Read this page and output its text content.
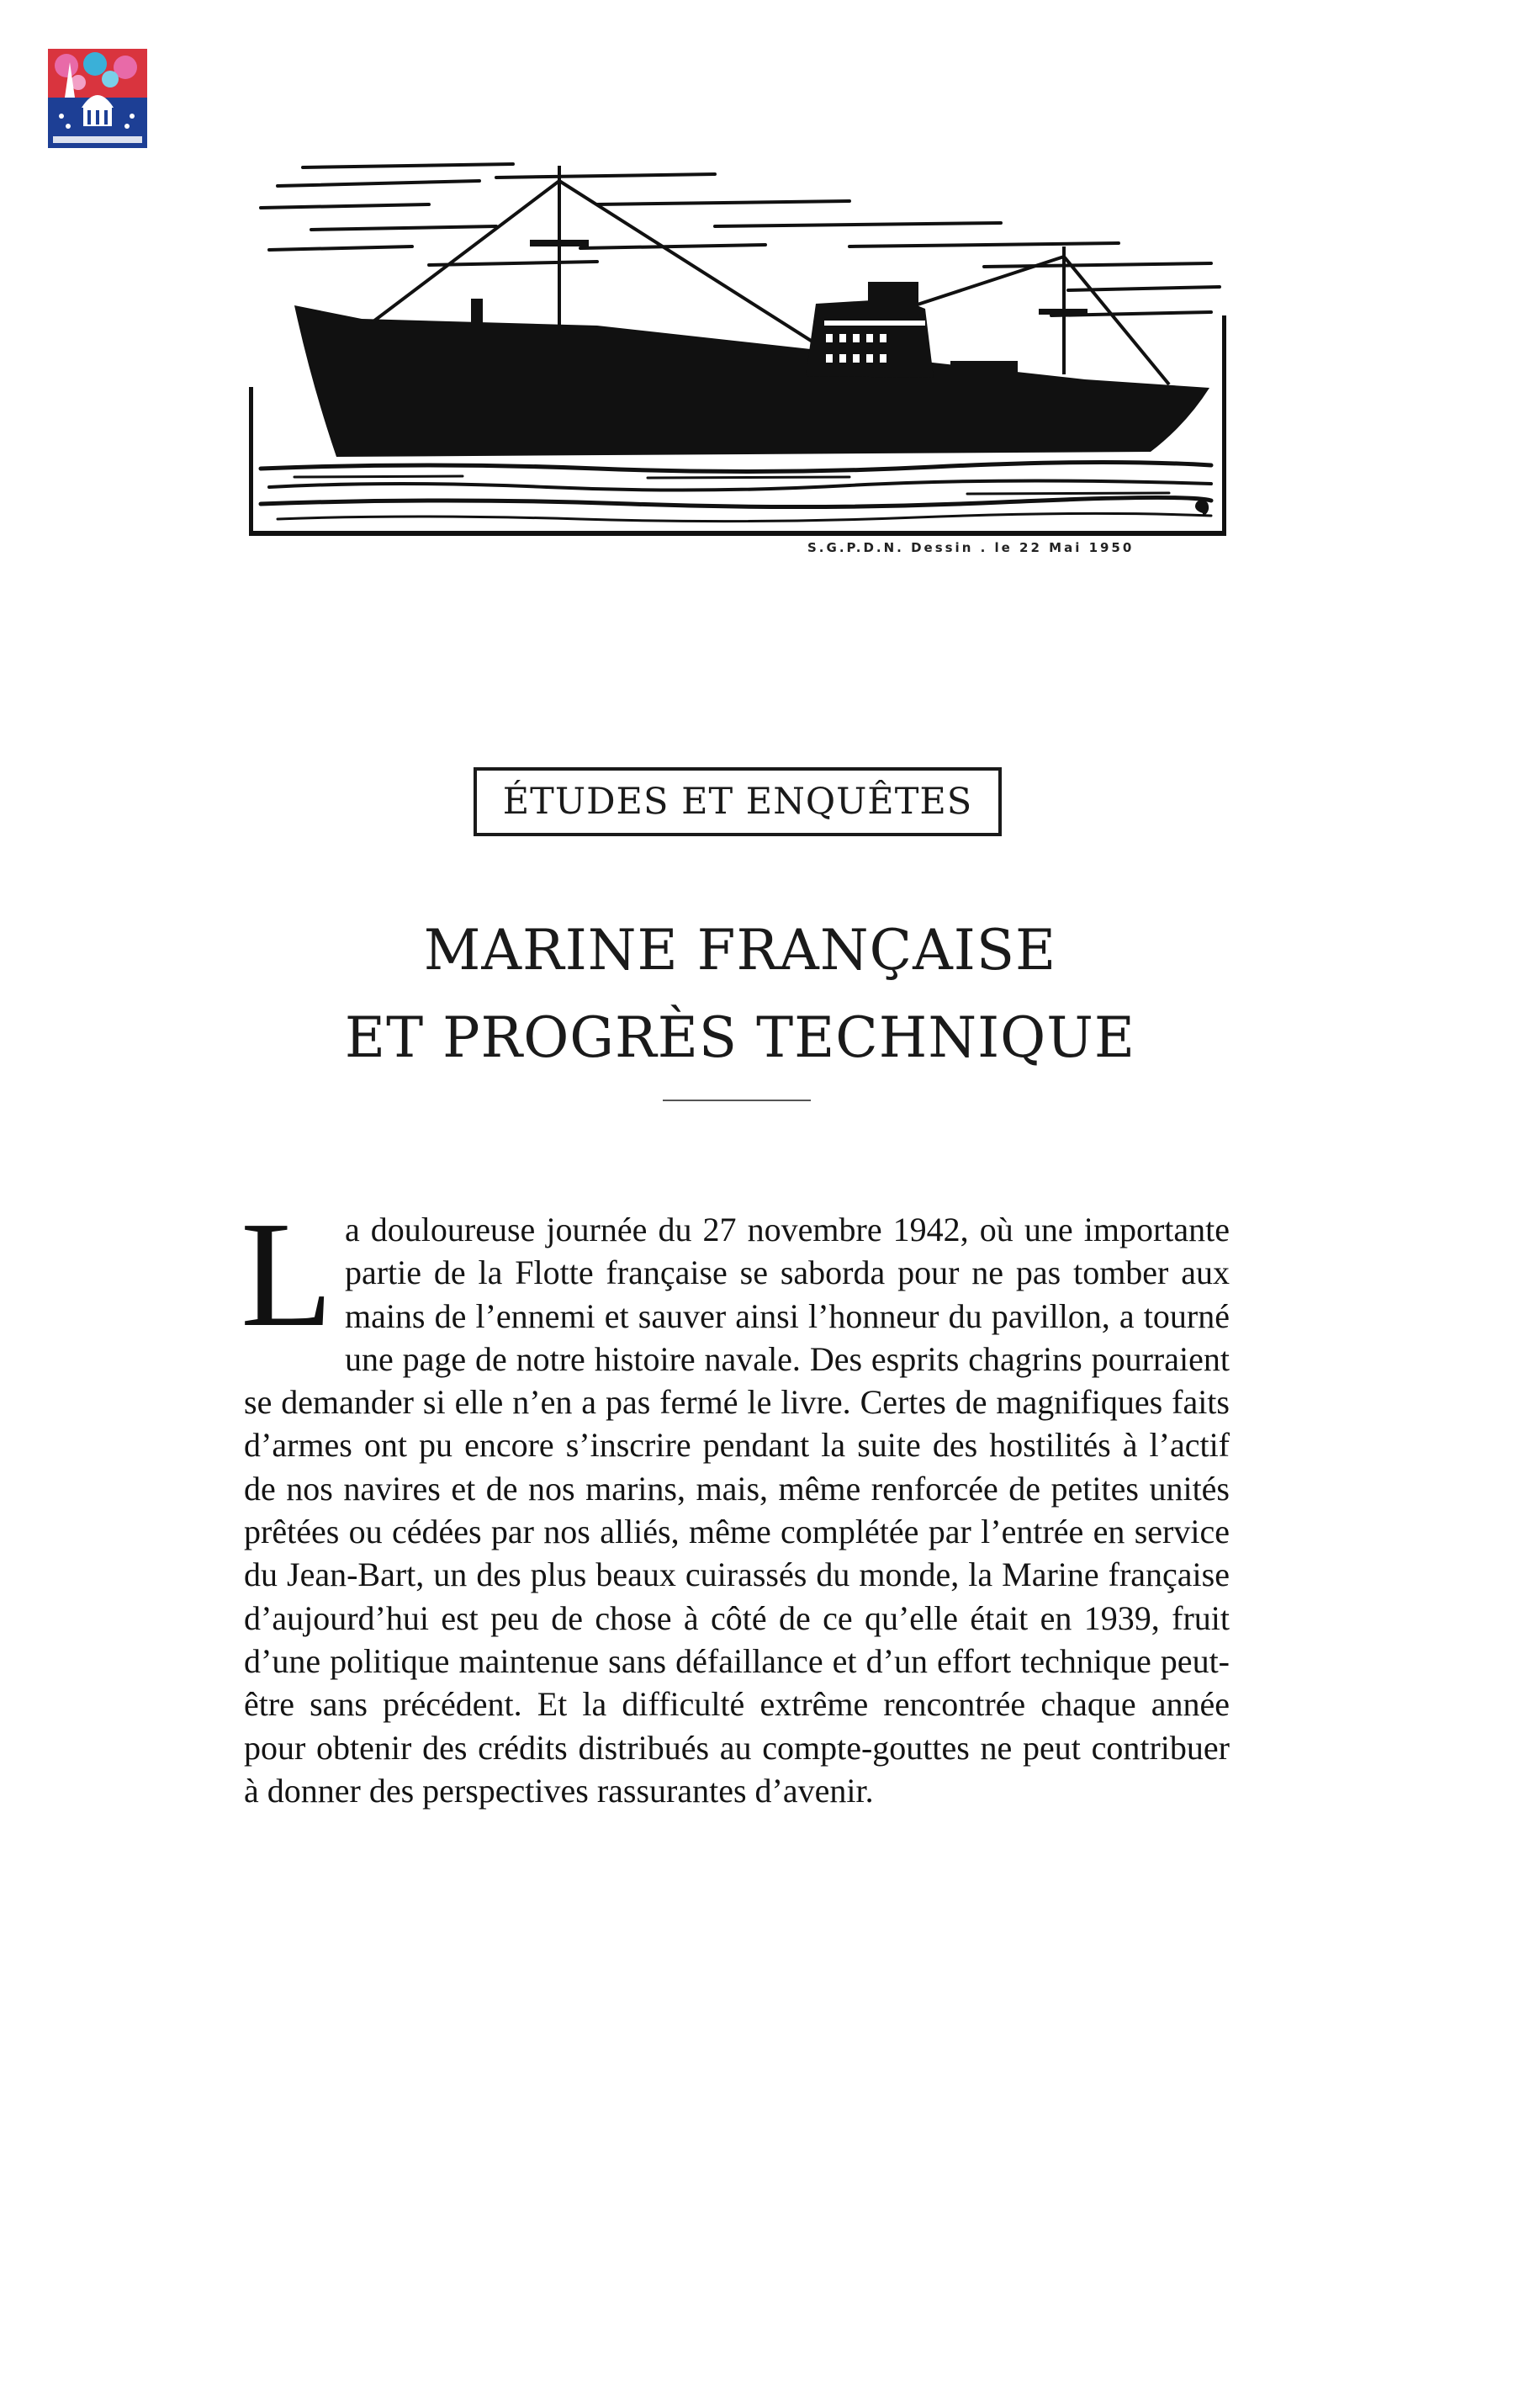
S.G.P.D.N. Dessin . le 22 Mai 1950
ÉTUDES ET ENQUÊTES
MARINE FRANÇAISE
ET PROGRÈS TECHNIQUE
L a douloureuse journée du 27 novembre 1942, où une importante partie de la Flotte française se saborda pour ne pas tomber aux mains de l’ennemi et sauver ainsi l’honneur du pavillon, a tourné une page de notre histoire navale. Des esprits chagrins pourraient se demander si elle n’en a pas fermé le livre. Certes de magnifiques faits d’armes ont pu encore s’inscrire pendant la suite des hostilités à l’actif de nos navires et de nos marins, mais, même renforcée de petites unités prêtées ou cédées par nos alliés, même complétée par l’entrée en service du Jean-Bart, un des plus beaux cuirassés du monde, la Marine française d’aujourd’hui est peu de chose à côté de ce qu’elle était en 1939, fruit d’une politique maintenue sans défaillance et d’un effort technique peut-être sans précédent. Et la difficulté extrême rencontrée chaque année pour obtenir des crédits distribués au compte-gouttes ne peut contribuer à donner des perspectives rassurantes d’avenir.
